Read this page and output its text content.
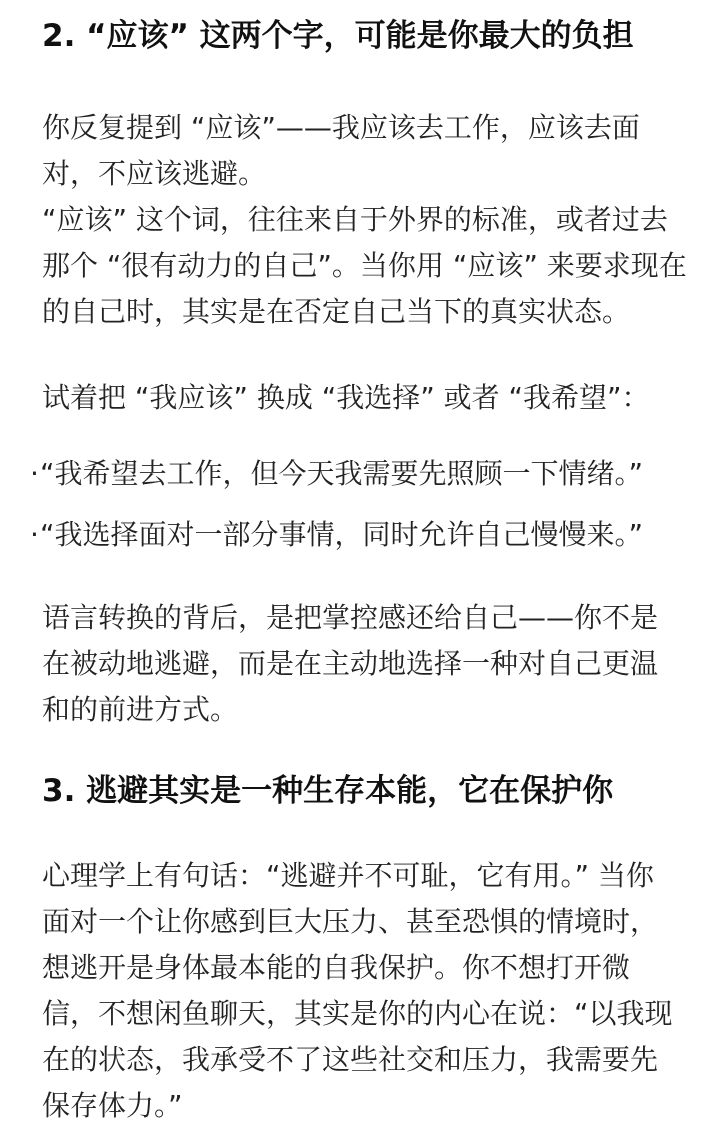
2. “应该” 这两个字，可能是你最大的负担

你反复提到 “应该”——我应该去工作，应该去面
对，不应该逃避。

“应该” 这个词，往往来自于外界的标准，或者过去
那个 “很有动力的自己”。当你用 “应该” 来要求现在
的自己时，其实是在否定自己当下的真实状态。

试着把 “我应该” 换成 “我选择” 或者 “我希望”：

· “我希望去工作，但今天我需要先照顾一下情绪。”
· “我选择面对一部分事情，同时允许自己慢慢来。”

语言转换的背后，是把掌控感还给自己——你不是
在被动地逃避，而是在主动地选择一种对自己更温
和的前进方式。

3. 逃避其实是一种生存本能，它在保护你

心理学上有句话：“逃避并不可耻，它有用。” 当你
面对一个让你感到巨大压力、甚至恐惧的情境时，
想逃开是身体最本能的自我保护。你不想打开微
信，不想闲鱼聊天，其实是你的内心在说：“以我现
在的状态，我承受不了这些社交和压力，我需要先
保存体力。”
